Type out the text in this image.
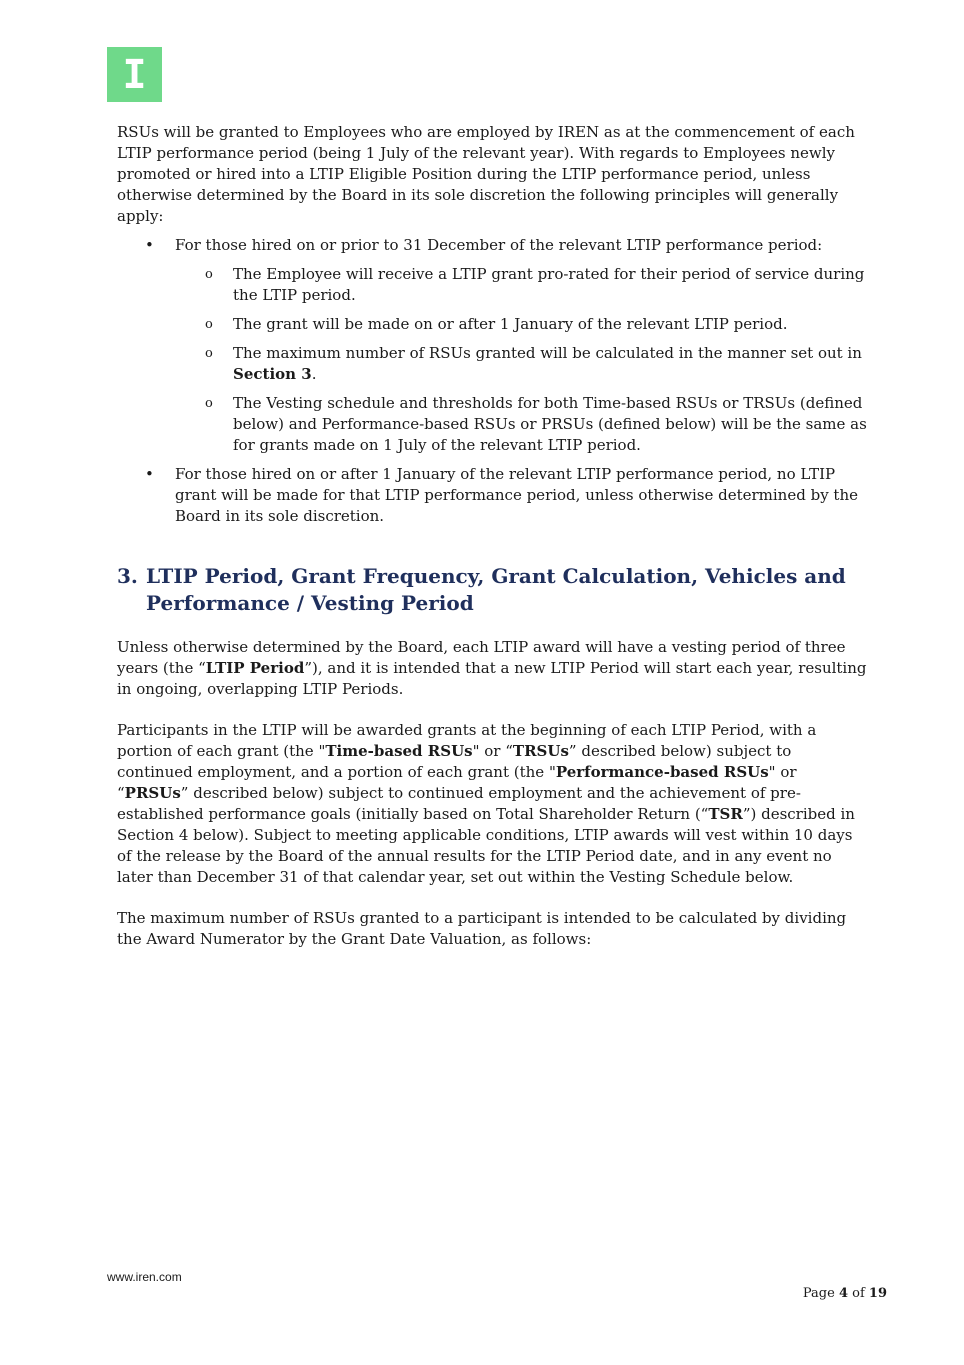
I

RSUs will be granted to Employees who are employed by IREN as at the commencement of each LTIP performance period (being 1 July of the relevant year). With regards to Employees newly promoted or hired into a LTIP Eligible Position during the LTIP performance period, unless otherwise determined by the Board in its sole discretion the following principles will generally apply:

• For those hired on or prior to 31 December of the relevant LTIP performance period:
o The Employee will receive a LTIP grant pro-rated for their period of service during the LTIP period.
o The grant will be made on or after 1 January of the relevant LTIP period.
o The maximum number of RSUs granted will be calculated in the manner set out in Section 3.
o The Vesting schedule and thresholds for both Time-based RSUs or TRSUs (defined below) and Performance-based RSUs or PRSUs (defined below) will be the same as for grants made on 1 July of the relevant LTIP period.
• For those hired on or after 1 January of the relevant LTIP performance period, no LTIP grant will be made for that LTIP performance period, unless otherwise determined by the Board in its sole discretion.
3. LTIP Period, Grant Frequency, Grant Calculation, Vehicles and Performance / Vesting Period

Unless otherwise determined by the Board, each LTIP award will have a vesting period of three years (the “LTIP Period”), and it is intended that a new LTIP Period will start each year, resulting in ongoing, overlapping LTIP Periods.

Participants in the LTIP will be awarded grants at the beginning of each LTIP Period, with a portion of each grant (the "Time-based RSUs" or “TRSUs” described below) subject to continued employment, and a portion of each grant (the "Performance-based RSUs" or “PRSUs” described below) subject to continued employment and the achievement of pre-established performance goals (initially based on Total Shareholder Return (“TSR”) described in Section 4 below). Subject to meeting applicable conditions, LTIP awards will vest within 10 days of the release by the Board of the annual results for the LTIP Period date, and in any event no later than December 31 of that calendar year, set out within the Vesting Schedule below.

The maximum number of RSUs granted to a participant is intended to be calculated by dividing the Award Numerator by the Grant Date Valuation, as follows:

www.iren.com
Page 4 of 19
